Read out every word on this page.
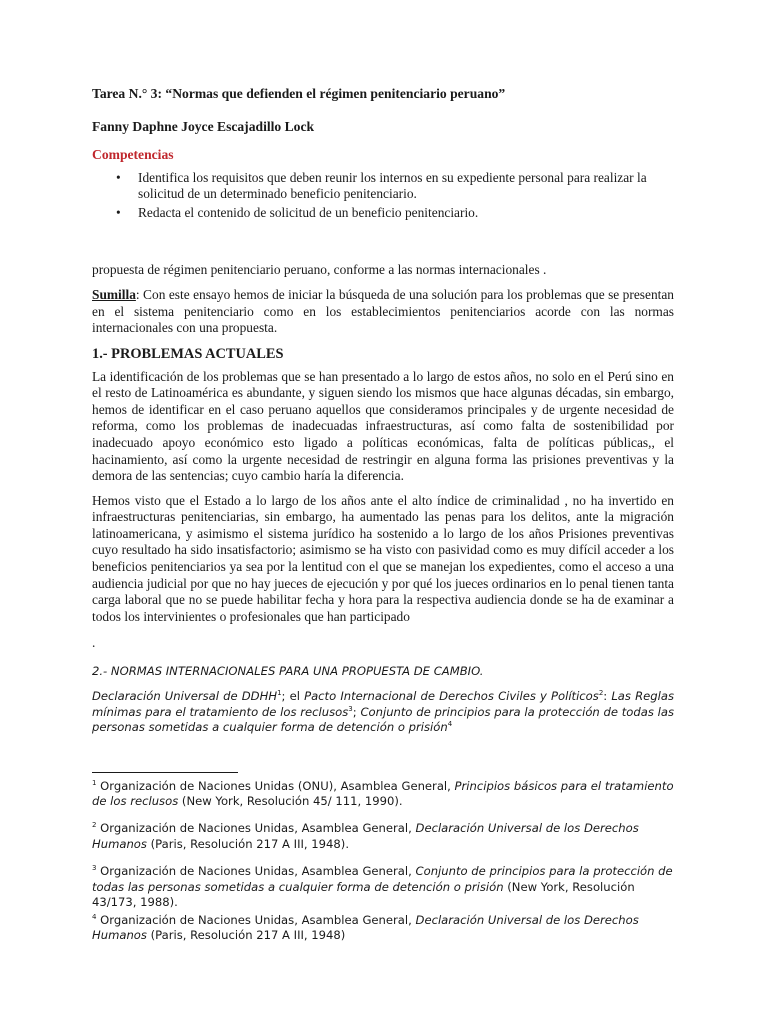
Tarea N.° 3: “Normas que defienden el régimen penitenciario peruano”

Fanny Daphne Joyce Escajadillo Lock

Competencias

• Identifica los requisitos que deben reunir los internos en su expediente personal para realizar la solicitud de un determinado beneficio penitenciario.
• Redacta el contenido de solicitud de un beneficio penitenciario.

propuesta de régimen penitenciario peruano, conforme a las normas internacionales .

Sumilla: Con este ensayo hemos de iniciar la búsqueda de una solución para los problemas que se presentan en el sistema penitenciario como en los establecimientos penitenciarios acorde con las normas internacionales con una propuesta.

1.- PROBLEMAS ACTUALES

La identificación de los problemas que se han presentado a lo largo de estos años, no solo en el Perú sino en el resto de Latinoamérica es abundante, y siguen siendo los mismos que hace algunas décadas, sin embargo, hemos de identificar en el caso peruano aquellos que consideramos principales y de urgente necesidad de reforma, como los problemas de inadecuadas infraestructuras, así como falta de sostenibilidad por inadecuado apoyo económico esto ligado a políticas económicas, falta de políticas públicas,, el hacinamiento, así como la urgente necesidad de restringir en alguna forma las prisiones preventivas y la demora de las sentencias; cuyo cambio haría la diferencia.

Hemos visto que el Estado a lo largo de los años ante el alto índice de criminalidad , no ha invertido en infraestructuras penitenciarias, sin embargo, ha aumentado las penas para los delitos, ante la migración latinoamericana, y asimismo el sistema jurídico ha sostenido a lo largo de los años Prisiones preventivas cuyo resultado ha sido insatisfactorio; asimismo se ha visto con pasividad como es muy difícil acceder a los beneficios penitenciarios ya sea por la lentitud con el que se manejan los expedientes, como el acceso a una audiencia judicial por que no hay jueces de ejecución y por qué los jueces ordinarios en lo penal tienen tanta carga laboral que no se puede habilitar fecha y hora para la respectiva audiencia donde se ha de examinar a todos los intervinientes o profesionales que han participado

.

2.- NORMAS INTERNACIONALES PARA UNA PROPUESTA DE CAMBIO.

Declaración Universal de DDHH$^1$; el Pacto Internacional de Derechos Civiles y Políticos$^2$: Las Reglas mínimas para el tratamiento de los reclusos$^3$; Conjunto de principios para la protección de todas las personas sometidas a cualquier forma de detención o prisión$^4$

$^1$ Organización de Naciones Unidas (ONU), Asamblea General, Principios básicos para el tratamiento de los reclusos (New York, Resolución 45/ 111, 1990).

$^2$ Organización de Naciones Unidas, Asamblea General, Declaración Universal de los Derechos Humanos (Paris, Resolución 217 A III, 1948).

$^3$ Organización de Naciones Unidas, Asamblea General, Conjunto de principios para la protección de todas las personas sometidas a cualquier forma de detención o prisión (New York, Resolución 43/173, 1988).

$^4$ Organización de Naciones Unidas, Asamblea General, Declaración Universal de los Derechos Humanos (Paris, Resolución 217 A III, 1948)
